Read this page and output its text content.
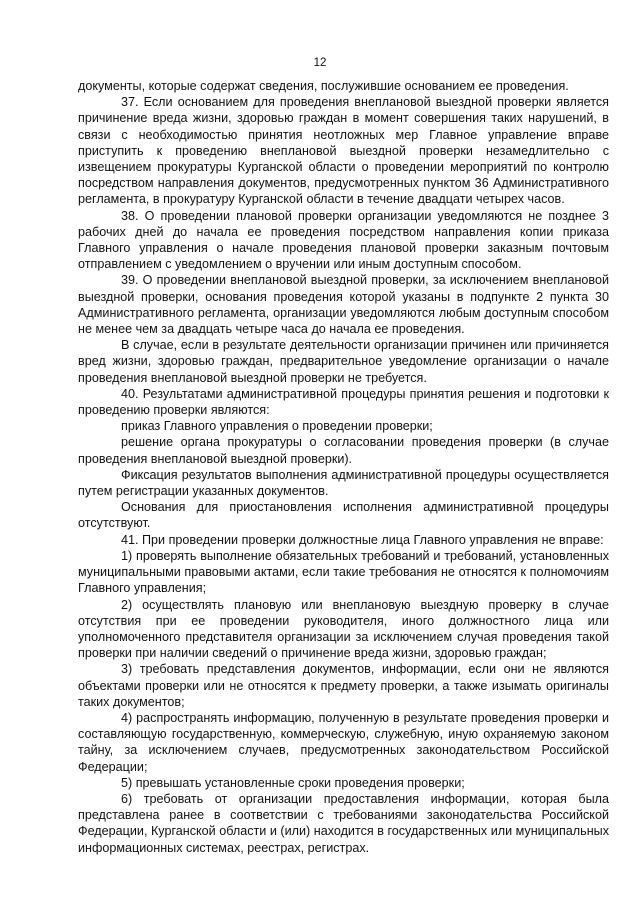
12

документы, которые содержат сведения, послужившие основанием ее проведения.

37. Если основанием для проведения внеплановой выездной проверки является причинение вреда жизни, здоровью граждан в момент совершения таких нарушений, в связи с необходимостью принятия неотложных мер Главное управление вправе приступить к проведению внеплановой выездной проверки незамедлительно с извещением прокуратуры Курганской области о проведении мероприятий по контролю посредством направления документов, предусмотренных пунктом 36 Административного регламента, в прокуратуру Курганской области в течение двадцати четырех часов.

38. О проведении плановой проверки организации уведомляются не позднее 3 рабочих дней до начала ее проведения посредством направления копии приказа Главного управления о начале проведения плановой проверки заказным почтовым отправлением с уведомлением о вручении или иным доступным способом.

39. О проведении внеплановой выездной проверки, за исключением внеплановой выездной проверки, основания проведения которой указаны в подпункте 2 пункта 30 Административного регламента, организации уведомляются любым доступным способом не менее чем за двадцать четыре часа до начала ее проведения.

В случае, если в результате деятельности организации причинен или причиняется вред жизни, здоровью граждан, предварительное уведомление организации о начале проведения внеплановой выездной проверки не требуется.

40. Результатами административной процедуры принятия решения и подготовки к проведению проверки являются:

приказ Главного управления о проведении проверки;

решение органа прокуратуры о согласовании проведения проверки (в случае проведения внеплановой выездной проверки).

Фиксация результатов выполнения административной процедуры осуществляется путем регистрации указанных документов.

Основания для приостановления исполнения административной процедуры отсутствуют.

41. При проведении проверки должностные лица Главного управления не вправе:

1) проверять выполнение обязательных требований и требований, установленных муниципальными правовыми актами, если такие требования не относятся к полномочиям Главного управления;

2) осуществлять плановую или внеплановую выездную проверку в случае отсутствия при ее проведении руководителя, иного должностного лица или уполномоченного представителя организации за исключением случая проведения такой проверки при наличии сведений о причинение вреда жизни, здоровью граждан;

3) требовать представления документов, информации, если они не являются объектами проверки или не относятся к предмету проверки, а также изымать оригиналы таких документов;

4) распространять информацию, полученную в результате проведения проверки и составляющую государственную, коммерческую, служебную, иную охраняемую законом тайну, за исключением случаев, предусмотренных законодательством Российской Федерации;

5) превышать установленные сроки проведения проверки;

6) требовать от организации предоставления информации, которая была представлена ранее в соответствии с требованиями законодательства Российской Федерации, Курганской области и (или) находится в государственных или муниципальных информационных системах, реестрах, регистрах.
